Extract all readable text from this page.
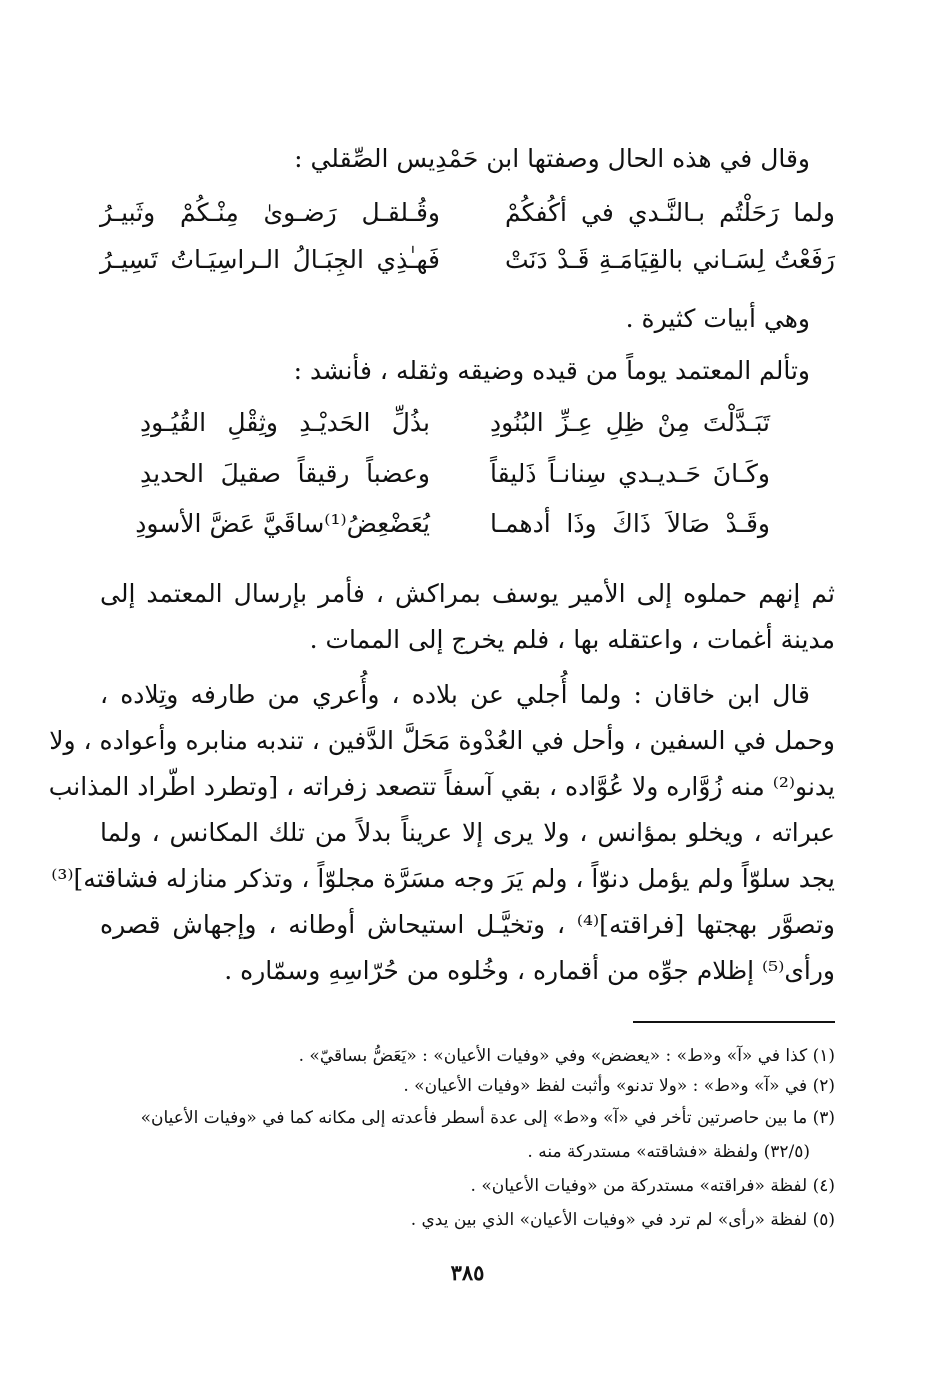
وقال في هذه الحال وصفتها ابن حَمْدِيس الصِّقلي :
ولما رَحَلْتُم بـالنَّـدي في أكُفكُمْ
وقُـلقـل رَضـوىٰ مِنْـكُمْ وثَبيـرُ
رَفَعْتُ لِسَـاني بالقِيَامَـةِ قَـدْ دَنَتْ
فَهـٰذِي الجِبَـالُ الـراسِيَـاتُ تَسِيـرُ
وهي أبيات كثيرة .
وتألم المعتمد يوماً من قيده وضيقه وثقله ، فأنشد :
تَبَـدَّلْتَ مِنْ ظِلِ عِـزِّ البُنُودِ
بذُلِّ الحَديْـدِ وثِقْلِ القُيُـودِ
وكَـانَ حَـديـدي سِنانـاً ذَليقاً
وعضباً رقيقاً صقيلَ الحديدِ
وقَـدْ صَالاَ ذَاكَ وذَا أدهمـا
يُعَضْعِضُ⁽¹⁾ساقَيَّ عَضَّ الأسودِ
ثم إنهم حملوه إلى الأمير يوسف بمراكش ، فأمر بإرسال المعتمد إلى
مدينة أغمات ، واعتقله بها ، فلم يخرج إلى الممات .
قال ابن خاقان : ولما أُجلي عن بلاده ، وأُعري من طارفه وتِلاده ،
وحمل في السفين ، وأحل في العُدْوة مَحَلَّ الدَّفين ، تندبه منابره وأعواده ، ولا
يدنو⁽²⁾ منه زُوَّاره ولا عُوَّاده ، بقي آسفاً تتصعد زفراته ، [وتطرد اطّراد المذانب
عبراته ، ويخلو بمؤانس ، ولا يرى إلا عريناً بدلاً من تلك المكانس ، ولما
يجد سلوّاً ولم يؤمل دنوّاً ، ولم يَرَ وجه مسَرَّة مجلوّاً ، وتذكر منازله فشاقته]⁽³⁾
وتصوَّر بهجتها [فراقته]⁽⁴⁾ ، وتخيَّـل استيحاش أوطانه ، وإجهاش قصره
ورأى⁽⁵⁾ إظلام جوِّه من أقماره ، وخُلوه من حُرّاسِهِ وسمّاره .
(١) كذا في «آ» و«ط» : «يعضض» وفي «وفيات الأعيان» : «يَعَضُّ بساقيّ» .
(٢) في «آ» و«ط» : «ولا تدنو» وأثبت لفظ «وفيات الأعيان» .
(٣) ما بين حاصرتين تأخر في «آ» و«ط» إلى عدة أسطر فأعدته إلى مكانه كما في «وفيات الأعيان»
(٣٢/٥) ولفظة «فشاقته» مستدركة منه .
(٤) لفظة «فراقته» مستدركة من «وفيات الأعيان» .
(٥) لفظة «رأى» لم ترد في «وفيات الأعيان» الذي بين يدي .
٣٨٥
